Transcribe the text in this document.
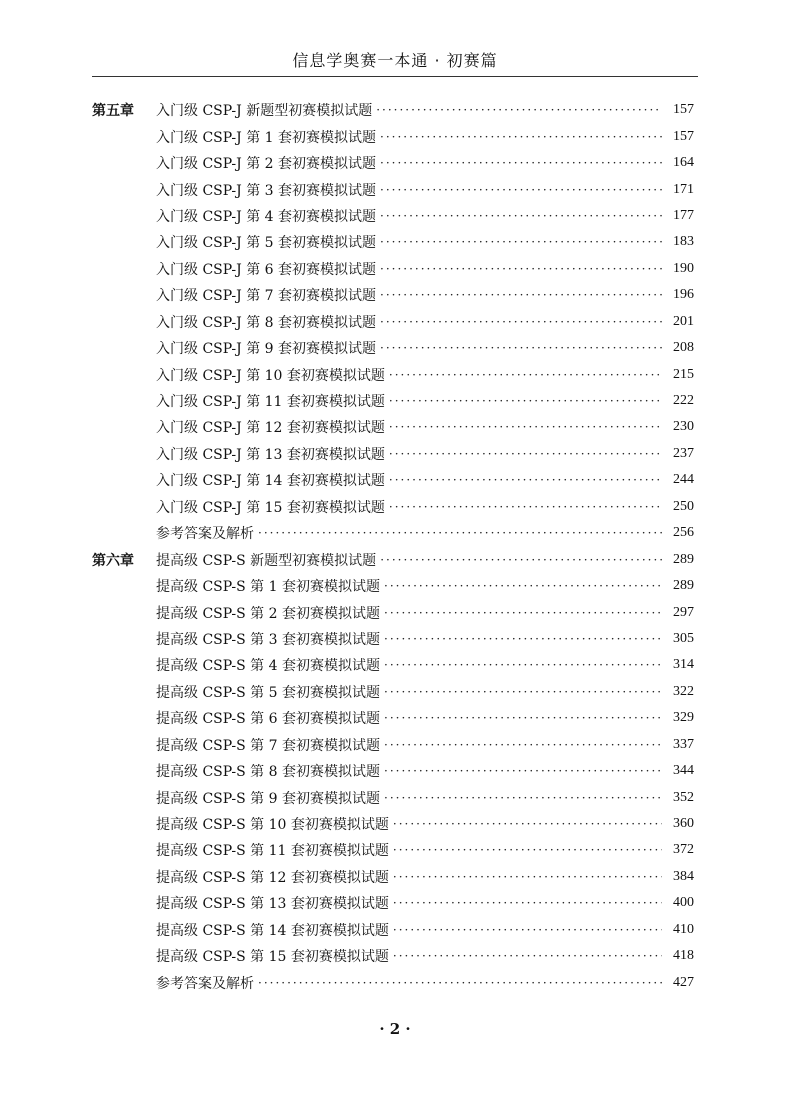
信息学奥赛一本通 · 初赛篇
第五章 入门级 CSP-J 新题型初赛模拟试题 ·····	157
入门级 CSP-J 第 1 套初赛模拟试题 ·····	157
入门级 CSP-J 第 2 套初赛模拟试题 ·····	164
入门级 CSP-J 第 3 套初赛模拟试题 ·····	171
入门级 CSP-J 第 4 套初赛模拟试题 ·····	177
入门级 CSP-J 第 5 套初赛模拟试题 ·····	183
入门级 CSP-J 第 6 套初赛模拟试题 ·····	190
入门级 CSP-J 第 7 套初赛模拟试题 ·····	196
入门级 CSP-J 第 8 套初赛模拟试题 ·····	201
入门级 CSP-J 第 9 套初赛模拟试题 ·····	208
入门级 CSP-J 第 10 套初赛模拟试题 ·····	215
入门级 CSP-J 第 11 套初赛模拟试题 ·····	222
入门级 CSP-J 第 12 套初赛模拟试题 ·····	230
入门级 CSP-J 第 13 套初赛模拟试题 ·····	237
入门级 CSP-J 第 14 套初赛模拟试题 ·····	244
入门级 CSP-J 第 15 套初赛模拟试题 ·····	250
参考答案及解析 ·····	256
第六章 提高级 CSP-S 新题型初赛模拟试题 ·····	289
提高级 CSP-S 第 1 套初赛模拟试题 ·····	289
提高级 CSP-S 第 2 套初赛模拟试题 ·····	297
提高级 CSP-S 第 3 套初赛模拟试题 ·····	305
提高级 CSP-S 第 4 套初赛模拟试题 ·····	314
提高级 CSP-S 第 5 套初赛模拟试题 ·····	322
提高级 CSP-S 第 6 套初赛模拟试题 ·····	329
提高级 CSP-S 第 7 套初赛模拟试题 ·····	337
提高级 CSP-S 第 8 套初赛模拟试题 ·····	344
提高级 CSP-S 第 9 套初赛模拟试题 ·····	352
提高级 CSP-S 第 10 套初赛模拟试题 ·····	360
提高级 CSP-S 第 11 套初赛模拟试题 ·····	372
提高级 CSP-S 第 12 套初赛模拟试题 ·····	384
提高级 CSP-S 第 13 套初赛模拟试题 ·····	400
提高级 CSP-S 第 14 套初赛模拟试题 ·····	410
提高级 CSP-S 第 15 套初赛模拟试题 ·····	418
参考答案及解析 ·····	427
· 2 ·
